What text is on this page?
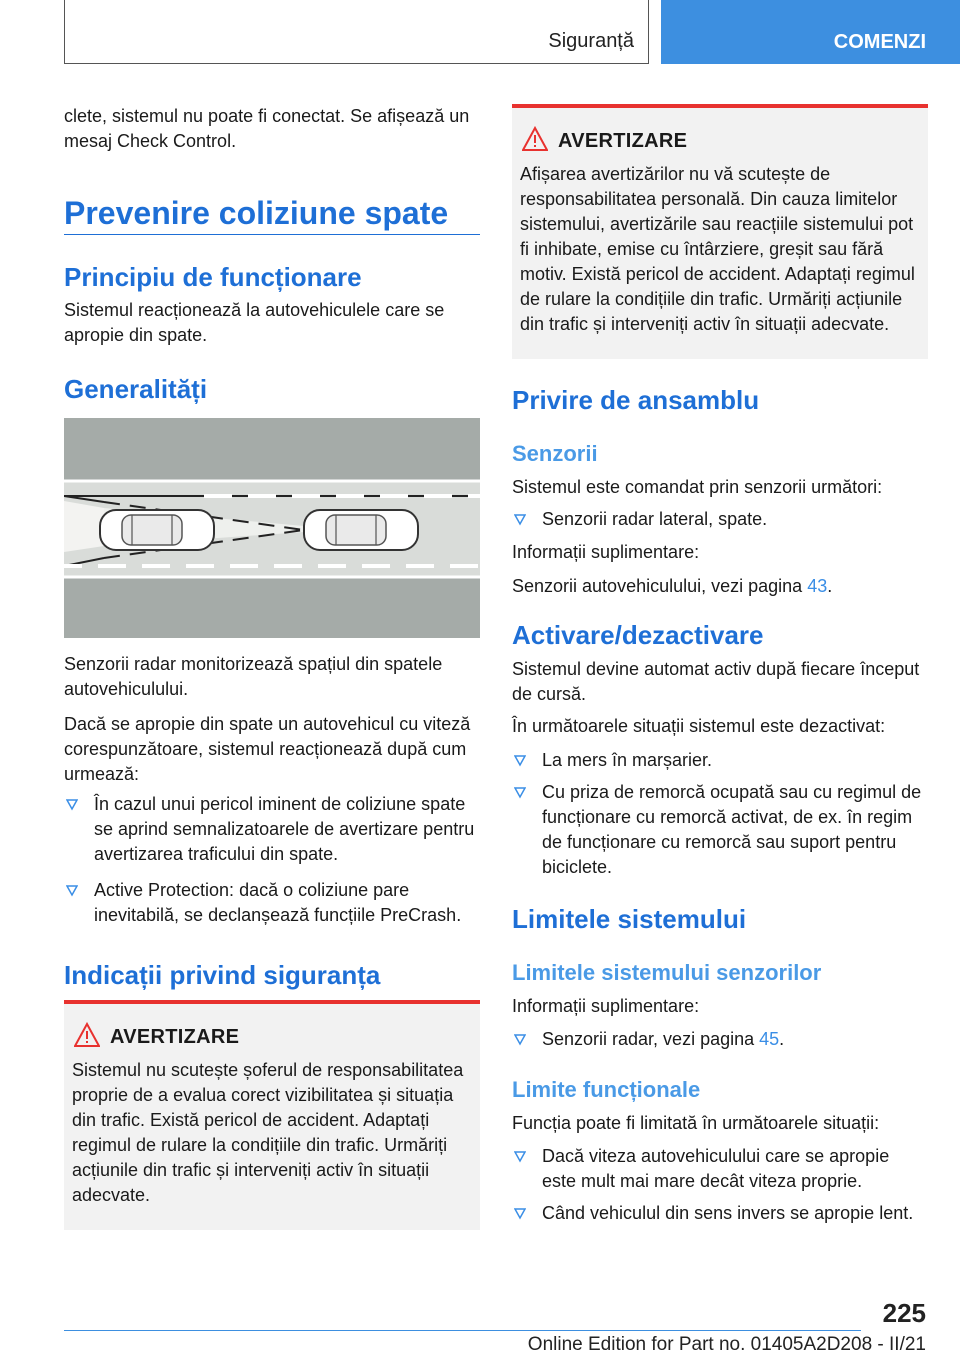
Siguranță	COMENZI

clete, sistemul nu poate fi conectat. Se afișează un mesaj Check Control.

Prevenire coliziune spate
Principiu de funcționare

Sistemul reacționează la autovehiculele care se apropie din spate.

Generalități

Senzorii radar monitorizează spațiul din spatele autovehiculului.

Dacă se apropie din spate un autovehicul cu viteză corespunzătoare, sistemul reacționează după cum urmează:

În cazul unui pericol iminent de coliziune spate se aprind semnalizatoarele de avertizare pentru avertizarea traficului din spate.

Active Protection: dacă o coliziune pare inevitabilă, se declanșează funcțiile PreCrash.

Indicații privind siguranța
AVERTIZARE

Sistemul nu scutește șoferul de responsabilitatea proprie de a evalua corect vizibilitatea și situația din trafic. Există pericol de accident. Adaptați regimul de rulare la condițiile din trafic. Urmăriți acțiunile din trafic și interveniți activ în situații adecvate.

AVERTIZARE

Afișarea avertizărilor nu vă scutește de responsabilitatea personală. Din cauza limitelor sistemului, avertizările sau reacțiile sistemului pot fi inhibate, emise cu întârziere, greșit sau fără motiv. Există pericol de accident. Adaptați regimul de rulare la condițiile din trafic. Urmăriți acțiunile din trafic și interveniți activ în situații adecvate.

Privire de ansamblu
Senzorii

Sistemul este comandat prin senzorii următori:

Senzorii radar lateral, spate.

Informații suplimentare:

Senzorii autovehiculului, vezi pagina 43.

Activare/dezactivare

Sistemul devine automat activ după fiecare început de cursă.

În următoarele situații sistemul este dezactivat:

La mers în marșarier.

Cu priza de remorcă ocupată sau cu regimul de funcționare cu remorcă activat, de ex. în regim de funcționare cu remorcă sau suport pentru biciclete.

Limitele sistemului
Limitele sistemului senzorilor

Informații suplimentare:

Senzorii radar, vezi pagina 45.

Limite funcționale

Funcția poate fi limitată în următoarele situații:

Dacă viteza autovehiculului care se apropie este mult mai mare decât viteza proprie.

Când vehiculul din sens invers se apropie lent.

225
Online Edition for Part no. 01405A2D208 - II/21
